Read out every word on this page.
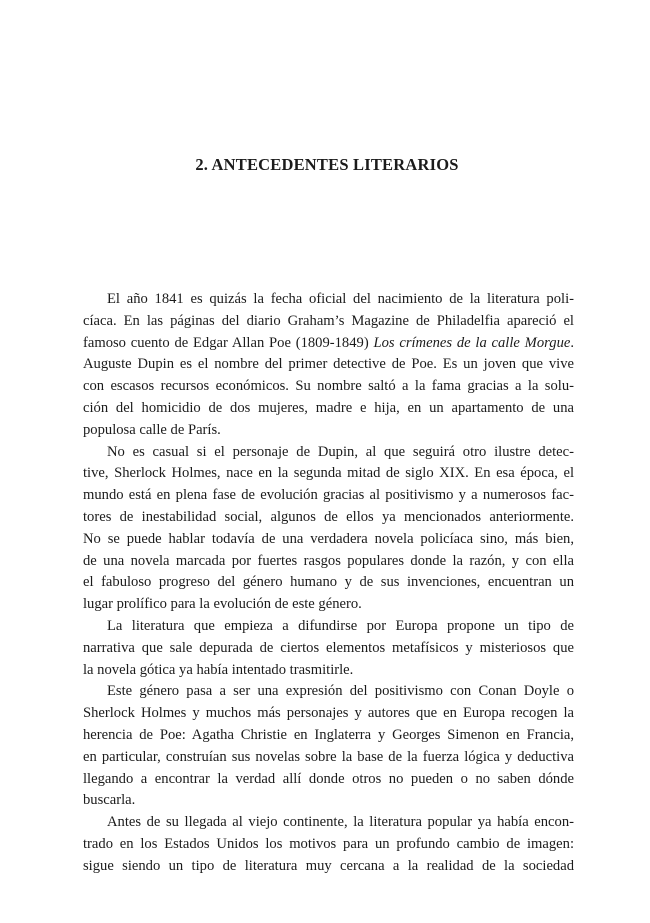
2. ANTECEDENTES LITERARIOS
El año 1841 es quizás la fecha oficial del nacimiento de la literatura poli-
cíaca. En las páginas del diario Graham’s Magazine de Philadelfia apareció el
famoso cuento de Edgar Allan Poe (1809-1849) Los crímenes de la calle Morgue.
Auguste Dupin es el nombre del primer detective de Poe. Es un joven que vive
con escasos recursos económicos. Su nombre saltó a la fama gracias a la solu-
ción del homicidio de dos mujeres, madre e hija, en un apartamento de una
populosa calle de París.
No es casual si el personaje de Dupin, al que seguirá otro ilustre detec-
tive, Sherlock Holmes, nace en la segunda mitad de siglo XIX. En esa época, el
mundo está en plena fase de evolución gracias al positivismo y a numerosos fac-
tores de inestabilidad social, algunos de ellos ya mencionados anteriormente.
No se puede hablar todavía de una verdadera novela policíaca sino, más bien,
de una novela marcada por fuertes rasgos populares donde la razón, y con ella
el fabuloso progreso del género humano y de sus invenciones, encuentran un
lugar prolífico para la evolución de este género.
La literatura que empieza a difundirse por Europa propone un tipo de
narrativa que sale depurada de ciertos elementos metafísicos y misteriosos que
la novela gótica ya había intentado trasmitirle.
Este género pasa a ser una expresión del positivismo con Conan Doyle o
Sherlock Holmes y muchos más personajes y autores que en Europa recogen la
herencia de Poe: Agatha Christie en Inglaterra y Georges Simenon en Francia,
en particular, construían sus novelas sobre la base de la fuerza lógica y deductiva
llegando a encontrar la verdad allí donde otros no pueden o no saben dónde
buscarla.
Antes de su llegada al viejo continente, la literatura popular ya había encon-
trado en los Estados Unidos los motivos para un profundo cambio de imagen:
sigue siendo un tipo de literatura muy cercana a la realidad de la sociedad
